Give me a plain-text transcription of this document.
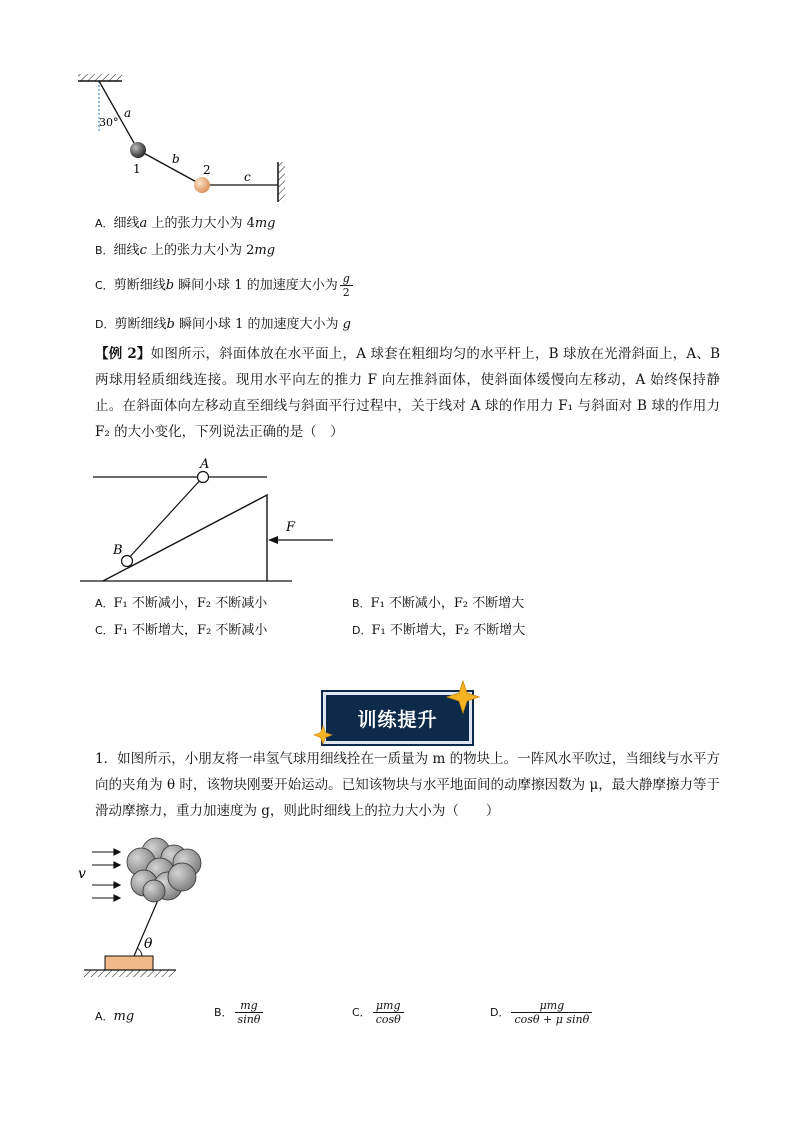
30°
a
b
c
1	2
A．细线a 上的张力大小为 4mg
B．细线c 上的张力大小为 2mg
C．剪断细线b 瞬间小球 1 的加速度大小为 $\frac{g}{2}$
D．剪断细线b 瞬间小球 1 的加速度大小为 g
【例 2】如图所示，斜面体放在水平面上，A 球套在粗细均匀的水平杆上，B 球放在光滑斜面上，A、B 两球用轻质细线连接。现用水平向左的推力 F 向左推斜面体，使斜面体缓慢向左移动，A 始终保持静止。在斜面体向左移动直至细线与斜面平行过程中，关于线对 A 球的作用力 F₁ 与斜面对 B 球的作用力 F₂ 的大小变化，下列说法正确的是（　）
A
B
F
A．F₁ 不断减小，F₂ 不断减小	B．F₁ 不断减小，F₂ 不断增大
C．F₁ 不断增大，F₂ 不断减小	D．F₁ 不断增大，F₂ 不断增大
训练提升
1．如图所示，小朋友将一串氢气球用细线拴在一质量为 m 的物块上。一阵风水平吹过，当细线与水平方向的夹角为 θ 时，该物块刚要开始运动。已知该物块与水平地面间的动摩擦因数为 μ，最大静摩擦力等于滑动摩擦力，重力加速度为 g，则此时细线上的拉力大小为（　　）
v
θ
A．mg	B． $\frac{mg}{\sin\theta}$	C． $\frac{\text{μmg}}{\cos\theta}$	D． $\frac{\text{μmg}}{\text{cosθ + μ sinθ}}$
